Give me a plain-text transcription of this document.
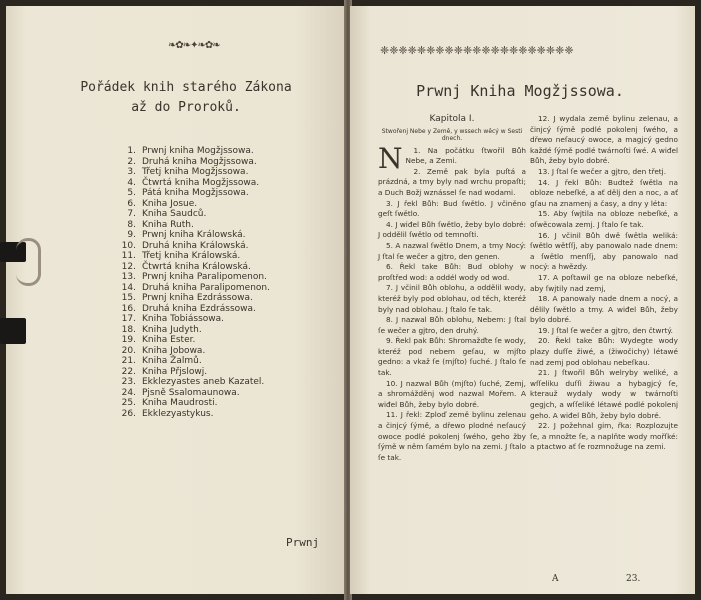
❧✿❧✦❧✿❧
Pořádek knih starého Zákona
až do Proroků.
1. Prwnj kniha Mogžjssowa.
2. Druhá kniha Mogžjssowa.
3. Třetj kniha Mogžjssowa.
4. Čtwrtá kniha Mogžjssowa.
5. Pátá kniha Mogžjssowa.
6. Kniha Josue.
7. Kniha Saudců.
8. Kniha Ruth.
9. Prwnj kniha Králowská.
10. Druhá kniha Králowská.
11. Třetj kniha Králowská.
12. Čtwrtá kniha Králowská.
13. Prwnj kniha Paralipomenon.
14. Druhá kniha Paralipomenon.
15. Prwnj kniha Ezdrássowa.
16. Druhá kniha Ezdrássowa.
17. Kniha Tobiássowa.
18. Kniha Judyth.
19. Kniha Ester.
20. Kniha Jobowa.
21. Kniha Žalmů.
22. Kniha Přjslowj.
23. Ekklezyastes aneb Kazatel.
24. Pjsně Ssalomaunowa.
25. Kniha Maudrosti.
26. Ekklezyastykus.
Prwnj
❈❈❈❈❈❈❈❈❈❈❈❈❈❈❈❈❈❈❈❈❈
Prwnj Kniha Mogžjssowa.
Kapitola I.
Stwořenj Nebe y Země, y wssech wěcý w Sesti dnech.
N	1. Na počátku ſtwořil Bůh Nebe, a Zemi.

2. Země pak byla puſtá a prázdná, a tmy byly nad wrchu propaſti; a Duch Božj wznássel ſe nad wodami.

3. J řekl Bůh: Bud ſwětlo. J včiněno geſt ſwětlo.

4. J wiđel Bůh ſwětlo, žeby bylo dobré: J oddělil ſwětlo od temnoſti.

5. A nazwal ſwětlo Dnem, a tmy Nocý: J ſtal ſe wečer a gjtro, den genen.

6. Řekl take Bůh: Bud oblohy w proſtřed wod: a oddél wody od wod.

7. J včinil Bůh oblohu, a oddělil wody, kteréž byly pod oblohau, od těch, kteréž byly nad oblohau. J ſtalo ſe tak.

8. J nazwal Bůh oblohu, Nebem: J ſtal ſe wečer a gjtro, den druhý.

9. Řekl pak Bůh: Shromažďte ſe wody, kteréž pod nebem geſau, w mjſto gedno: a vkaž ſe (mjſto) ſuché. J ſtalo ſe tak.

10. J nazwal Bůh (mjſto) ſuché, Zemj, a shromážděnj wod nazwal Mořem. A wiđel Bůh, žeby bylo dobré.

11. J řekl: Zploď země bylinu zelenau a činjcý ſýmě, a dřewo plodné neſaucý owoce podlé pokolenj ſwého, geho žby ſýmě w něm ſamém bylo na zemi. J ſtalo ſe tak.

12. J wydala země bylinu zelenau, a činjcý ſýmě podlé pokolenj ſwého, a dřewo neſaucý owoce, a magjcý gedno každé ſýmě podlé twárnoſti ſwé. A wiđel Bůh, žeby bylo dobré.

13. J ſtal ſe wečer a gjtro, den třetj.

14. J řekl Bůh: Budtež ſwětla na obloze nebeſké, a ať dělj den a noc, a ať gſau na znamenj a časy, a dny y léta:

15. Aby ſwjtila na obloze nebeſké, a oſwěcowala zemj. J ſtalo ſe tak.

16. J včinil Bůh dwě ſwětla weliká: ſwětlo wětſſj, aby panowalo nade dnem: a ſwětlo menſſj, aby panowalo nad nocý: a hwězdy.

17. A poſtawil ge na obloze nebeſké, aby ſwjtily nad zemj,

18. A panowaly nade dnem a nocý, a dělily ſwětlo a tmy. A wiđel Bůh, žeby bylo dobré.

19. J ſtal ſe wečer a gjtro, den čtwrtý.

20. Řekl take Bůh: Wydegte wody plazy duſſe žiwé, a (žiwočichy) létawé nad zemj pod oblohau nebeſkau.

21. J ſtwořil Bůh welryby weliké, a wſſeliku duſſi žiwau a hybagjcý ſe, kterauž wydaly wody w twárnoſti gegjch, a wſſeliké létawé podlé pokolenj geho. A wiđel Bůh, žeby bylo dobré.

22. J požehnal gim, řka: Rozplozujte ſe, a množte ſe, a naplňte wody mořſké: a ptactwo ať ſe rozmnožuge na zemi.

A	23.
